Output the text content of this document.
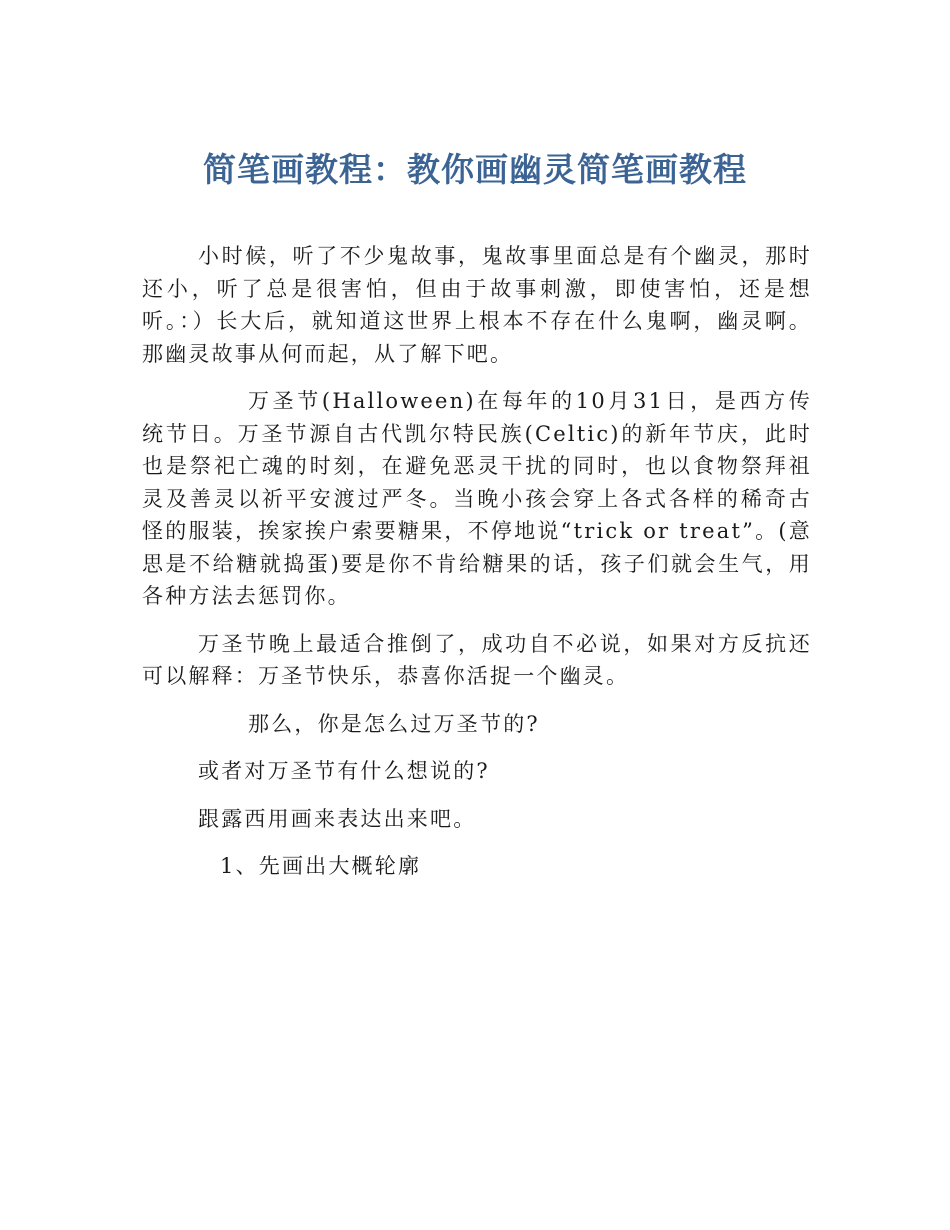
简笔画教程：教你画幽灵简笔画教程

小时候，听了不少鬼故事，鬼故事里面总是有个幽灵，那时还小，听了总是很害怕，但由于故事刺激，即使害怕，还是想听。：）长大后，就知道这世界上根本不存在什么鬼啊，幽灵啊。那幽灵故事从何而起，从了解下吧。

万圣节(Halloween)在每年的10月31日，是西方传统节日。万圣节源自古代凯尔特民族(Celtic)的新年节庆，此时也是祭祀亡魂的时刻，在避免恶灵干扰的同时，也以食物祭拜祖灵及善灵以祈平安渡过严冬。当晚小孩会穿上各式各样的稀奇古怪的服装，挨家挨户索要糖果，不停地说“trick or treat”。(意思是不给糖就捣蛋)要是你不肯给糖果的话，孩子们就会生气，用各种方法去惩罚你。

万圣节晚上最适合推倒了，成功自不必说，如果对方反抗还可以解释：万圣节快乐，恭喜你活捉一个幽灵。

那么，你是怎么过万圣节的?

或者对万圣节有什么想说的?

跟露西用画来表达出来吧。

1、先画出大概轮廓
